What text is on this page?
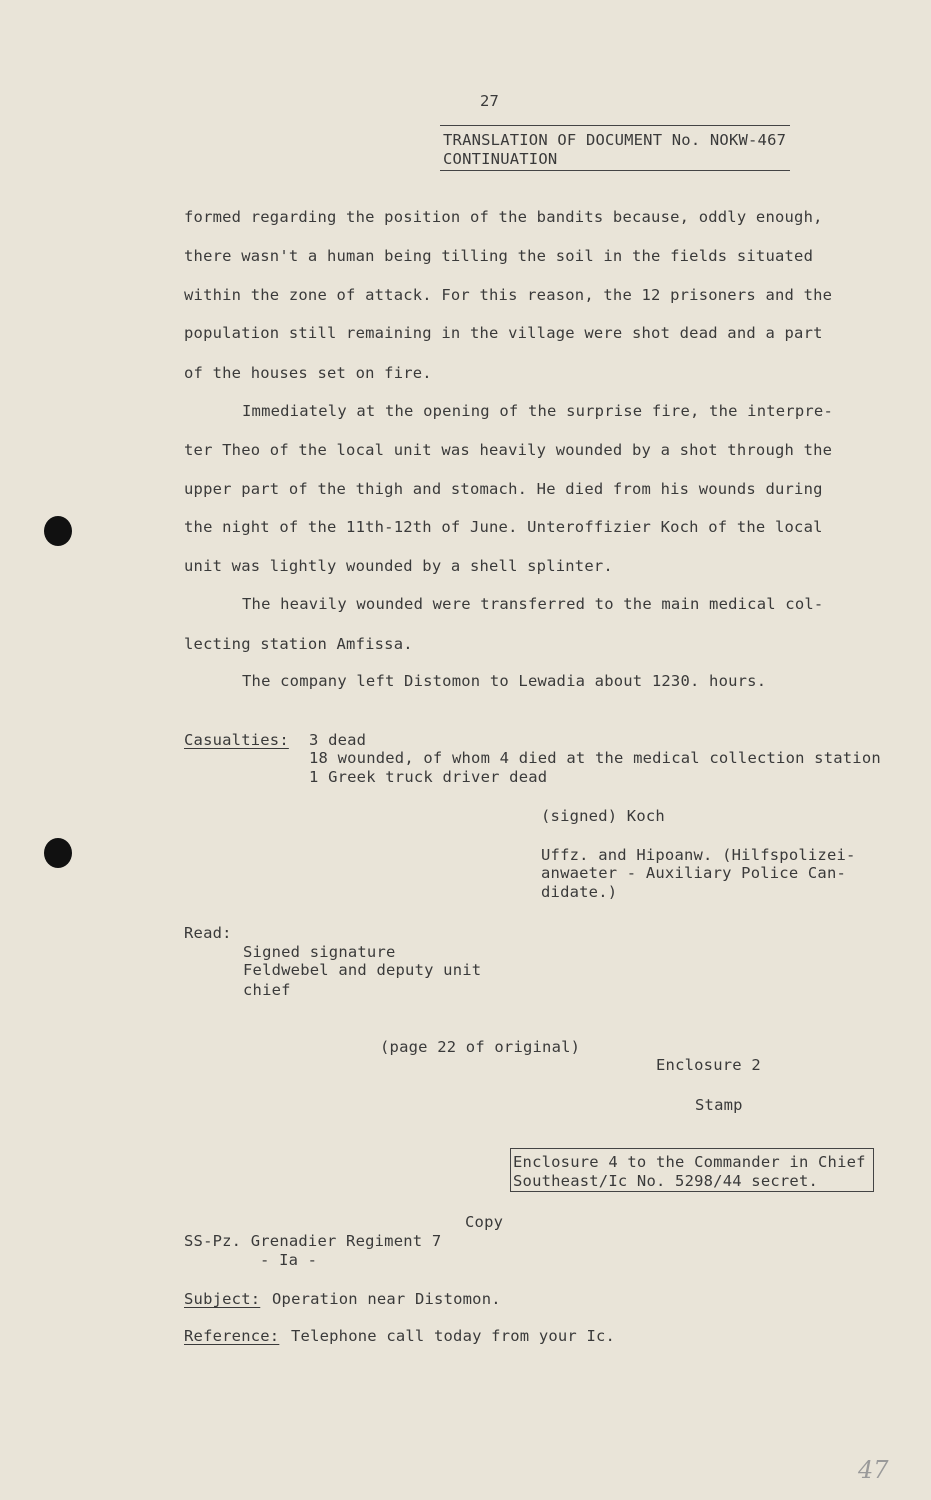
27
TRANSLATION OF DOCUMENT No. NOKW-467
CONTINUATION
formed regarding the position of the bandits because, oddly enough,
there wasn't a human being tilling the soil in the fields situated
within the zone of attack. For this reason, the 12 prisoners and the
population still remaining in the village were shot dead and a part
of the houses set on fire.
Immediately at the opening of the surprise fire, the interpre-
ter Theo of the local unit was heavily wounded by a shot through the
upper part of the thigh and stomach. He died from his wounds during
the night of the 11th-12th of June. Unteroffizier Koch of the local
unit was lightly wounded by a shell splinter.
The heavily wounded were transferred to the main medical col-
lecting station Amfissa.
The company left Distomon to Lewadia about 1230. hours.
Casualties: 3 dead
18 wounded, of whom 4 died at the medical collection station
1 Greek truck driver dead
(signed) Koch
Uffz. and Hipoanw. (Hilfspolizei-
anwaeter - Auxiliary Police Can-
didate.)
Read:
Signed signature
Feldwebel and deputy unit
chief
(page 22 of original)
Enclosure 2
Stamp
Enclosure 4 to the Commander in Chief
Southeast/Ic No. 5298/44 secret.
Copy
SS-Pz. Grenadier Regiment 7
- Ia -
Subject: Operation near Distomon.
Reference: Telephone call today from your Ic.
47
